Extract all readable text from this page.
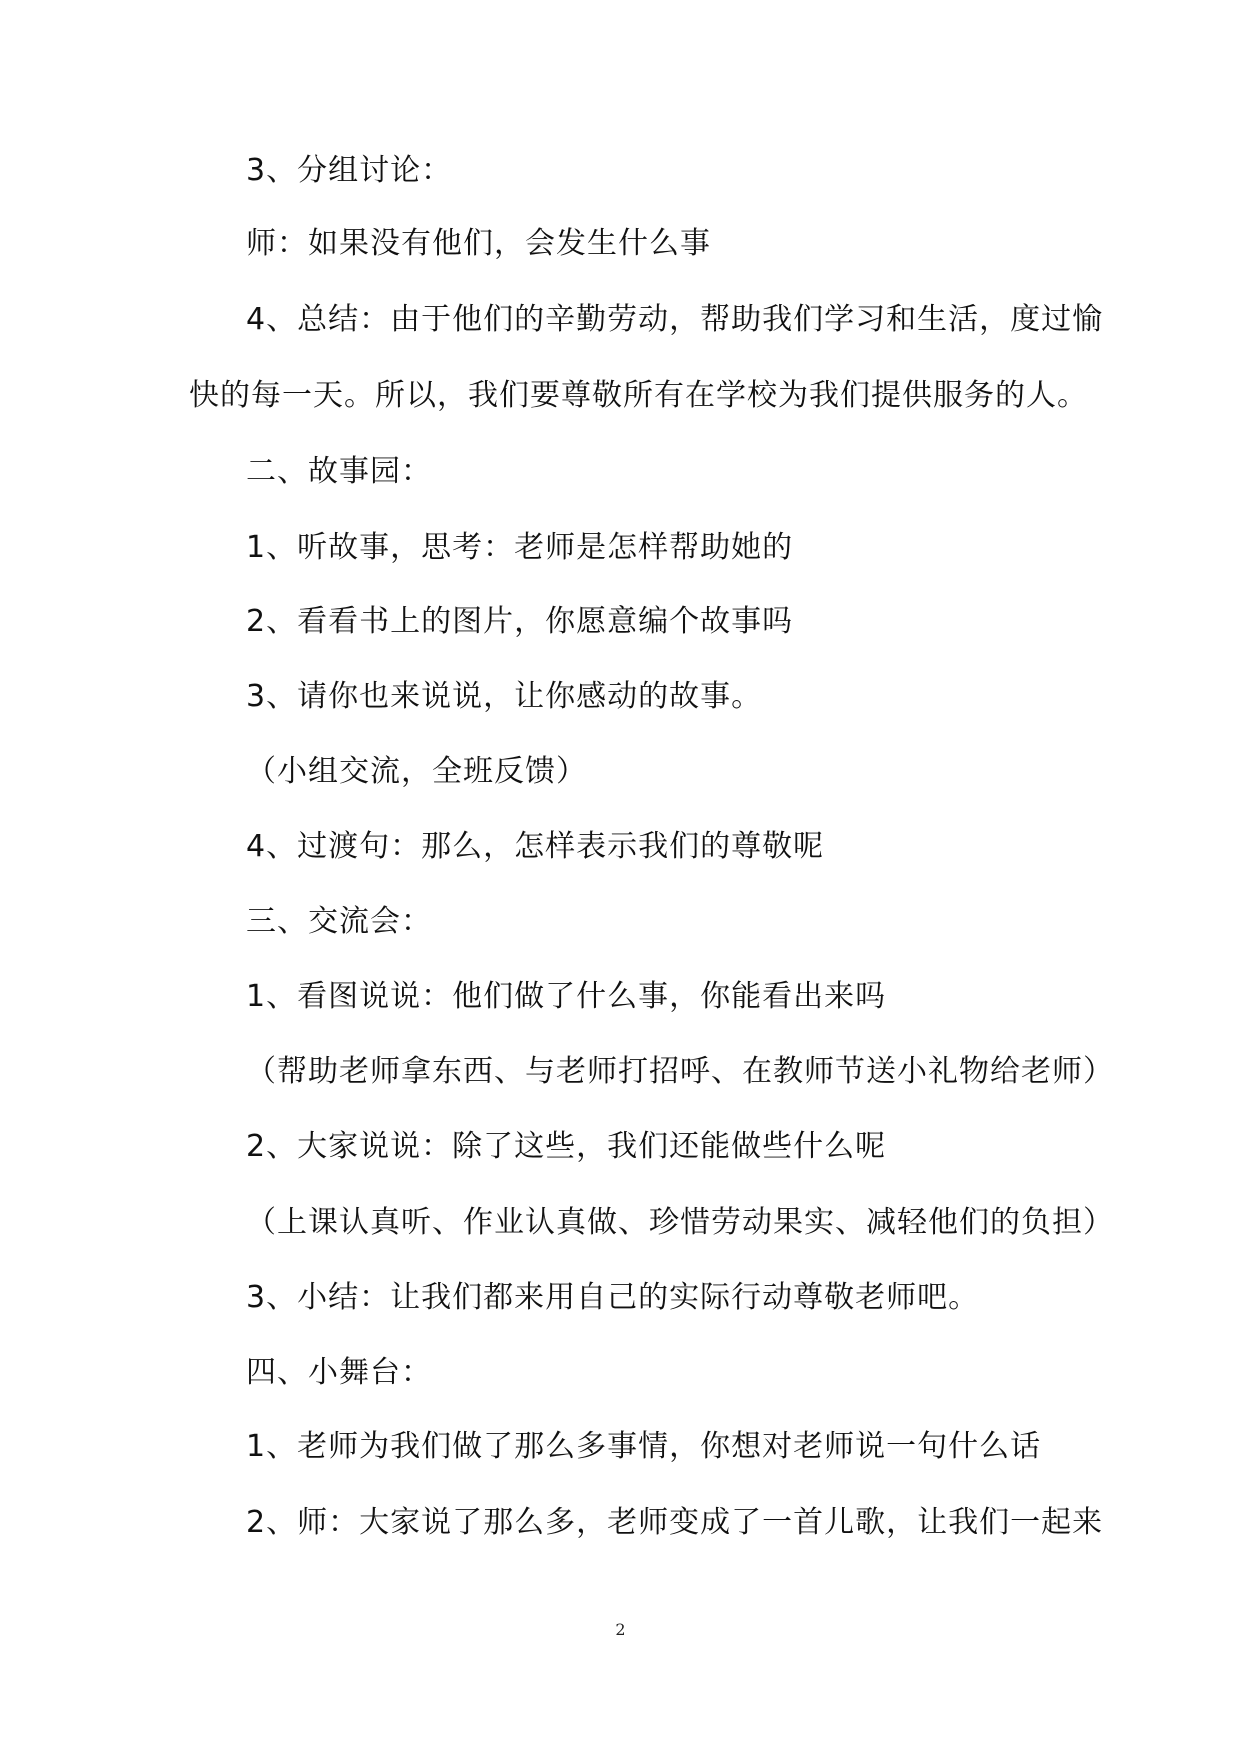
3、分组讨论：

师：如果没有他们，会发生什么事

4、总结：由于他们的辛勤劳动，帮助我们学习和生活，度过愉

快的每一天。所以，我们要尊敬所有在学校为我们提供服务的人。

二、故事园：

1、听故事，思考：老师是怎样帮助她的

2、看看书上的图片，你愿意编个故事吗

3、请你也来说说，让你感动的故事。

（小组交流，全班反馈）

4、过渡句：那么，怎样表示我们的尊敬呢

三、交流会：

1、看图说说：他们做了什么事，你能看出来吗

（帮助老师拿东西、与老师打招呼、在教师节送小礼物给老师）

2、大家说说：除了这些，我们还能做些什么呢

（上课认真听、作业认真做、珍惜劳动果实、减轻他们的负担）

3、小结：让我们都来用自己的实际行动尊敬老师吧。

四、小舞台：

1、老师为我们做了那么多事情，你想对老师说一句什么话

2、师：大家说了那么多，老师变成了一首儿歌，让我们一起来

2
